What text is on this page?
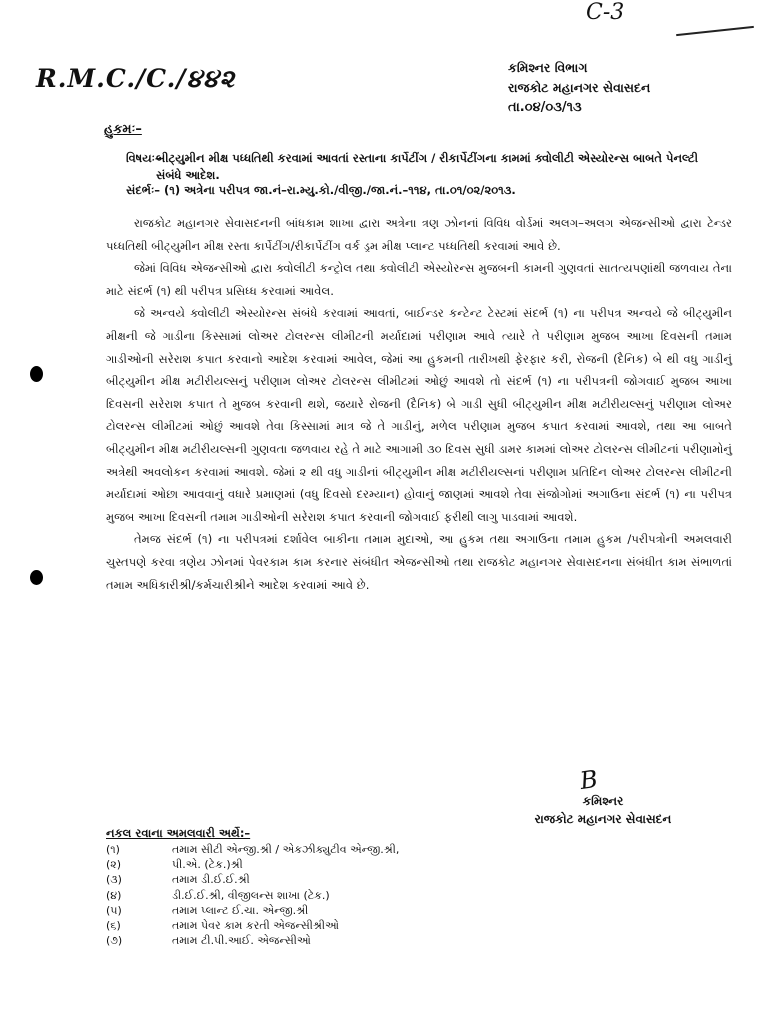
R.M.C./C./૪૪૨
C-3
કમિશ્નર વિભાગ
રાજકોટ મહાનગર સેવાસદન
તા.૦૪/૦૩/૧૩
હુકમઃ–
વિષયઃ–
બીટ્યુમીન મીક્ષ પધ્ધતિથી કરવામાં આવતાં રસ્તાના કાર્પેટીંગ / રીકાર્પેટીંગના કામમાં ક્વોલીટી એસ્યોરન્સ બાબતે પેનલ્ટી સંબંધે આદેશ.
સંદર્ભઃ– (૧) અત્રેના પરીપત્ર જા.નં–રા.મ્યુ.કો./વીજી./જા.નં.–૧૧૪, તા.૦૧/૦૨/૨૦૧૩.

રાજકોટ મહાનગર સેવાસદનની બાંધકામ શાખા દ્વારા અત્રેના ત્રણ ઝોનનાં વિવિધ વોર્ડમાં અલગ–અલગ એજન્સીઓ દ્વારા ટેન્ડર પધ્ધતિથી બીટ્યુમીન મીક્ષ રસ્તા કાર્પેટીંગ/રીકાર્પેટીંગ વર્ક ડ્રમ મીક્ષ પ્લાન્ટ પધ્ધતિથી કરવામાં આવે છે.

જેમાં વિવિધ એજન્સીઓ દ્વારા ક્વોલીટી કન્ટ્રોલ તથા ક્વોલીટી એસ્યોરન્સ મુજબની કામની ગુણવતાં સાતત્યપણાંથી જળવાય તેના માટે સંદર્ભ (૧) થી પરીપત્ર પ્રસિધ્ધ કરવામાં આવેલ.

જે અન્વયે ક્વોલીટી એસ્યોરન્સ સંબંધે કરવામાં આવતાં, બાઈન્ડર કન્ટેન્ટ ટેસ્ટમાં સંદર્ભ (૧) ના પરીપત્ર અન્વયે જે બીટ્યુમીન મીક્ષની જે ગાડીના કિસ્સામાં લોઅર ટોલરન્સ લીમીટની મર્યાદામાં પરીણામ આવે ત્યારે તે પરીણામ મુજબ આખા દિવસની તમામ ગાડીઓની સરેરાશ કપાત કરવાનો આદેશ કરવામાં આવેલ, જેમાં આ હુકમની તારીખથી ફેરફાર કરી, રોજની (દૈનિક) બે થી વધુ ગાડીનું બીટ્યુમીન મીક્ષ મટીરીયલ્સનું પરીણામ લોઅર ટોલરન્સ લીમીટમાં ઓછું આવશે તો સંદર્ભ (૧) ના પરીપત્રની જોગવાઈ મુજબ આખા દિવસની સરેરાશ કપાત તે મુજબ કરવાની થશે, જયારે રોજની (દૈનિક) બે ગાડી સુધી બીટ્યુમીન મીક્ષ મટીરીયલ્સનું પરીણામ લોઅર ટોલરન્સ લીમીટમાં ઓછું આવશે તેવા કિસ્સામાં માત્ર જે તે ગાડીનું, મળેલ પરીણામ મુજબ કપાત કરવામાં આવશે, તથા આ બાબતે બીટ્યુમીન મીક્ષ મટીરીયલ્સની ગુણવતા જળવાય રહે તે માટે આગામી ૩૦ દિવસ સુધી ડામર કામમાં લોઅર ટોલરન્સ લીમીટનાં પરીણામોનું અત્રેથી અવલોકન કરવામાં આવશે. જેમાં ૨ થી વધુ ગાડીનાં બીટ્યુમીન મીક્ષ મટીરીયલ્સનાં પરીણામ પ્રતિદિન લોઅર ટોલરન્સ લીમીટની મર્યાદામાં ઓછા આવવાનું વધારે પ્રમાણમાં (વધુ દિવસો દરમ્યાન) હોવાનું જાણમાં આવશે તેવા સંજોગોમાં અગાઉના સંદર્ભ (૧) ના પરીપત્ર મુજબ આખા દિવસની તમામ ગાડીઓની સરેરાશ કપાત કરવાની જોગવાઈ ફરીથી લાગુ પાડવામાં આવશે.

તેમજ સંદર્ભ (૧) ના પરીપત્રમાં દર્શાવેલ બાકીના તમામ મુદાઓ, આ હુકમ તથા અગાઉના તમામ હુકમ /પરીપત્રોની અમલવારી ચુસ્તપણે કરવા ત્રણેય ઝોનમાં પેવરકામ કામ કરનાર સંબંધીત એજન્સીઓ તથા રાજકોટ મહાનગર સેવાસદનના સંબંધીત કામ સંભાળતાં તમામ અધિકારીશ્રી/કર્મચારીશ્રીને આદેશ કરવામાં આવે છે.

B
કમિશ્નર
રાજકોટ મહાનગર સેવાસદન
નકલ રવાના અમલવારી અર્થે:–
(૧)	તમામ સીટી એન્જી.શ્રી / એકઝીક્યુટીવ એન્જી.શ્રી,
(૨)	પી.એ. (ટેક.)શ્રી
(૩)	તમામ ડી.ઈ.ઈ.શ્રી
(૪)	ડી.ઈ.ઈ.શ્રી, વીજીલન્સ શાખા (ટેક.)
(૫)	તમામ પ્લાન્ટ ઈ.ચા. એન્જી.શ્રી
(૬)	તમામ પેવર કામ કરતી એજન્સીશ્રીઓ
(૭)	તમામ ટી.પી.આઈ. એજન્સીઓ
